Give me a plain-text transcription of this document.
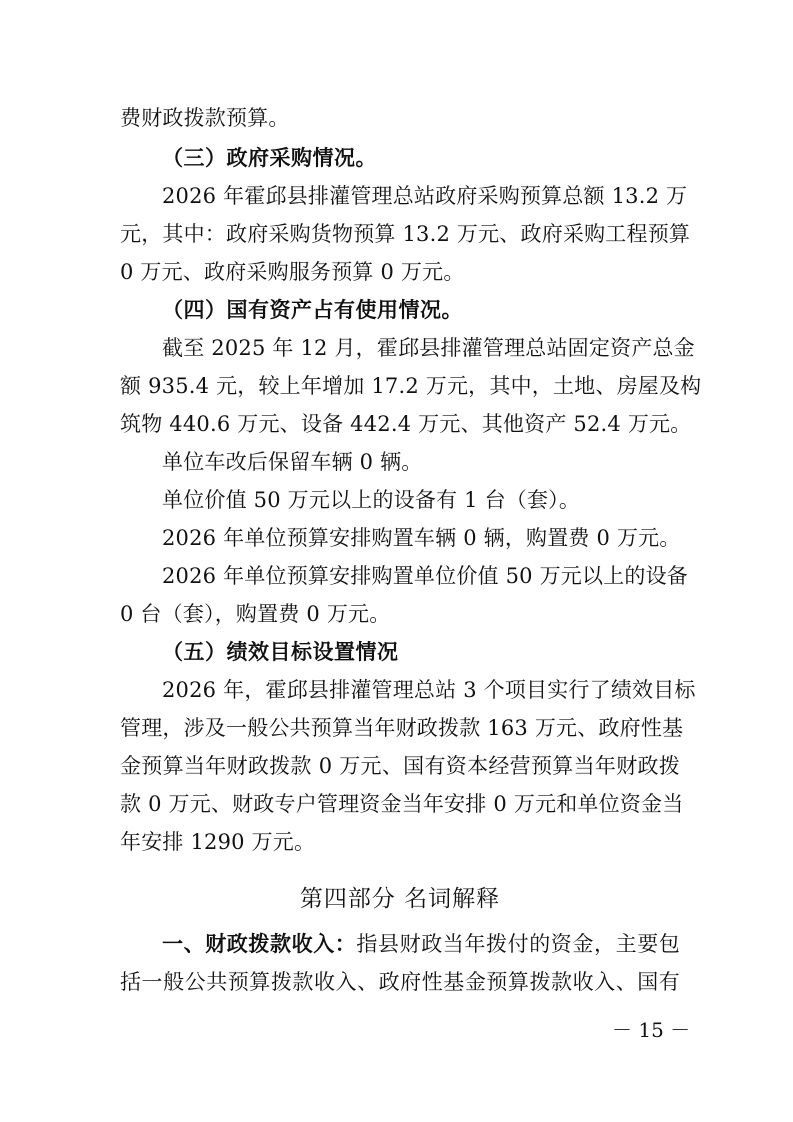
费财政拨款预算。
（三）政府采购情况。
2026 年霍邱县排灌管理总站政府采购预算总额 13.2 万
元，其中：政府采购货物预算 13.2 万元、政府采购工程预算
0 万元、政府采购服务预算 0 万元。
（四）国有资产占有使用情况。
截至 2025 年 12 月，霍邱县排灌管理总站固定资产总金
额 935.4 元，较上年增加 17.2 万元，其中，土地、房屋及构
筑物 440.6 万元、设备 442.4 万元、其他资产 52.4 万元。
单位车改后保留车辆 0 辆。
单位价值 50 万元以上的设备有 1 台（套）。
2026 年单位预算安排购置车辆 0 辆，购置费 0 万元。
2026 年单位预算安排购置单位价值 50 万元以上的设备
0 台（套），购置费 0 万元。
（五）绩效目标设置情况
2026 年，霍邱县排灌管理总站 3 个项目实行了绩效目标
管理，涉及一般公共预算当年财政拨款 163 万元、政府性基
金预算当年财政拨款 0 万元、国有资本经营预算当年财政拨
款 0 万元、财政专户管理资金当年安排 0 万元和单位资金当
年安排 1290 万元。
第四部分 名词解释
一、财政拨款收入：指县财政当年拨付的资金，主要包
括一般公共预算拨款收入、政府性基金预算拨款收入、国有
－ 15 －
